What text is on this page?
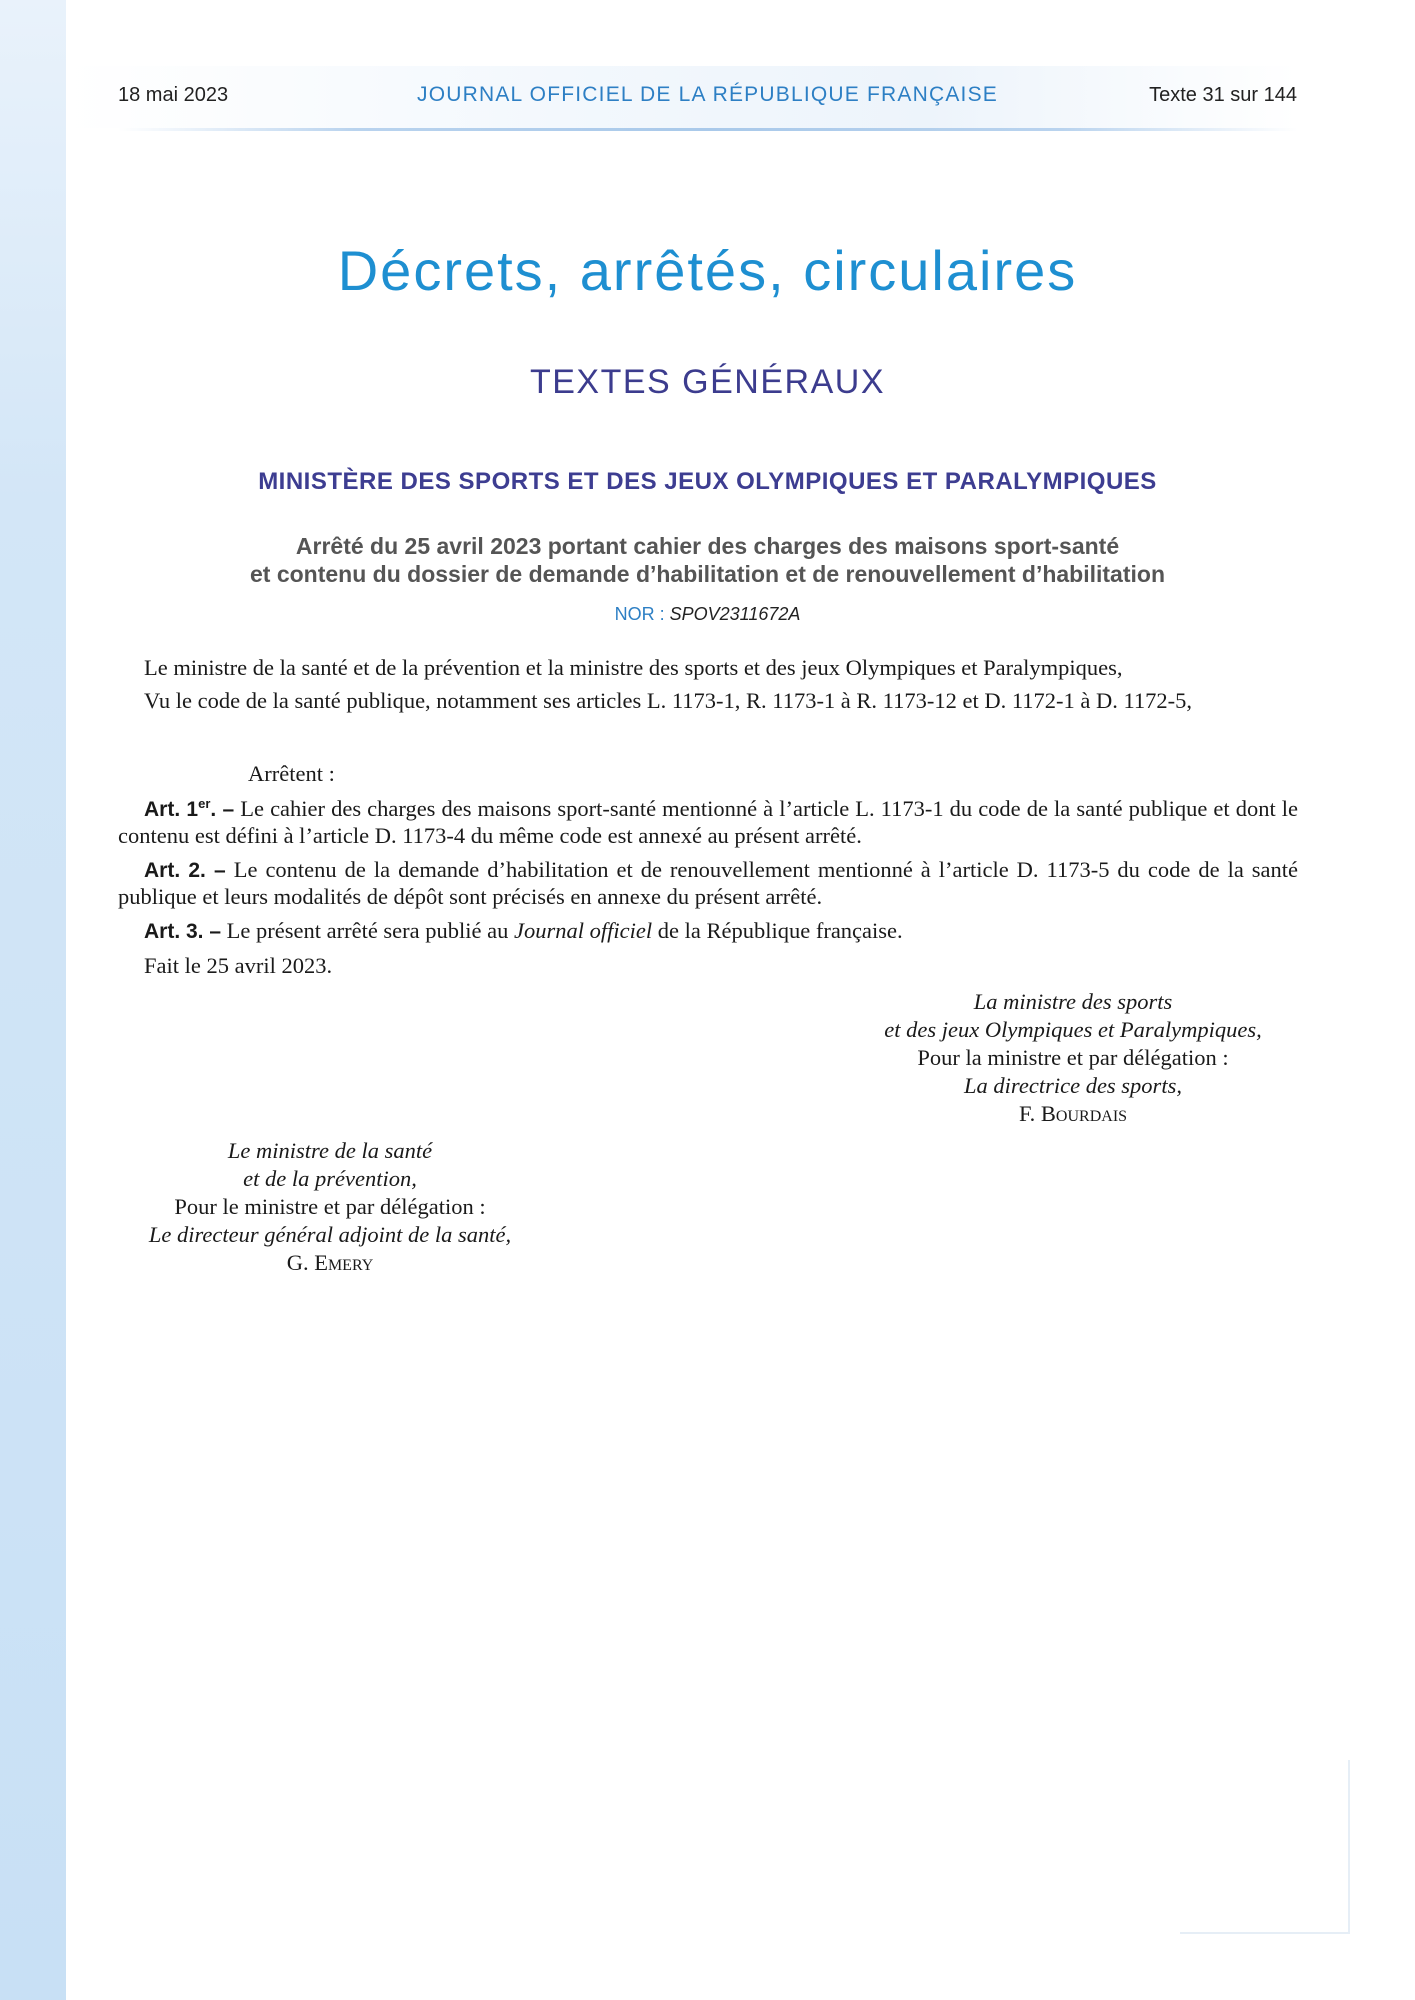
18 mai 2023	JOURNAL OFFICIEL DE LA RÉPUBLIQUE FRANÇAISE	Texte 31 sur 144
Décrets, arrêtés, circulaires
TEXTES GÉNÉRAUX
MINISTÈRE DES SPORTS ET DES JEUX OLYMPIQUES ET PARALYMPIQUES
Arrêté du 25 avril 2023 portant cahier des charges des maisons sport-santé
et contenu du dossier de demande d’habilitation et de renouvellement d’habilitation
NOR : SPOV2311672A
Le ministre de la santé et de la prévention et la ministre des sports et des jeux Olympiques et Paralympiques,
Vu le code de la santé publique, notamment ses articles L. 1173-1, R. 1173-1 à R. 1173-12 et D. 1172-1 à D. 1172-5,
Arrêtent :
Art. 1er. – Le cahier des charges des maisons sport-santé mentionné à l’article L. 1173-1 du code de la santé publique et dont le contenu est défini à l’article D. 1173-4 du même code est annexé au présent arrêté.
Art. 2. – Le contenu de la demande d’habilitation et de renouvellement mentionné à l’article D. 1173-5 du code de la santé publique et leurs modalités de dépôt sont précisés en annexe du présent arrêté.
Art. 3. – Le présent arrêté sera publié au Journal officiel de la République française.
Fait le 25 avril 2023.
La ministre des sports
et des jeux Olympiques et Paralympiques,
Pour la ministre et par délégation :
La directrice des sports,
F. Bourdais
Le ministre de la santé
et de la prévention,
Pour le ministre et par délégation :
Le directeur général adjoint de la santé,
G. Emery
